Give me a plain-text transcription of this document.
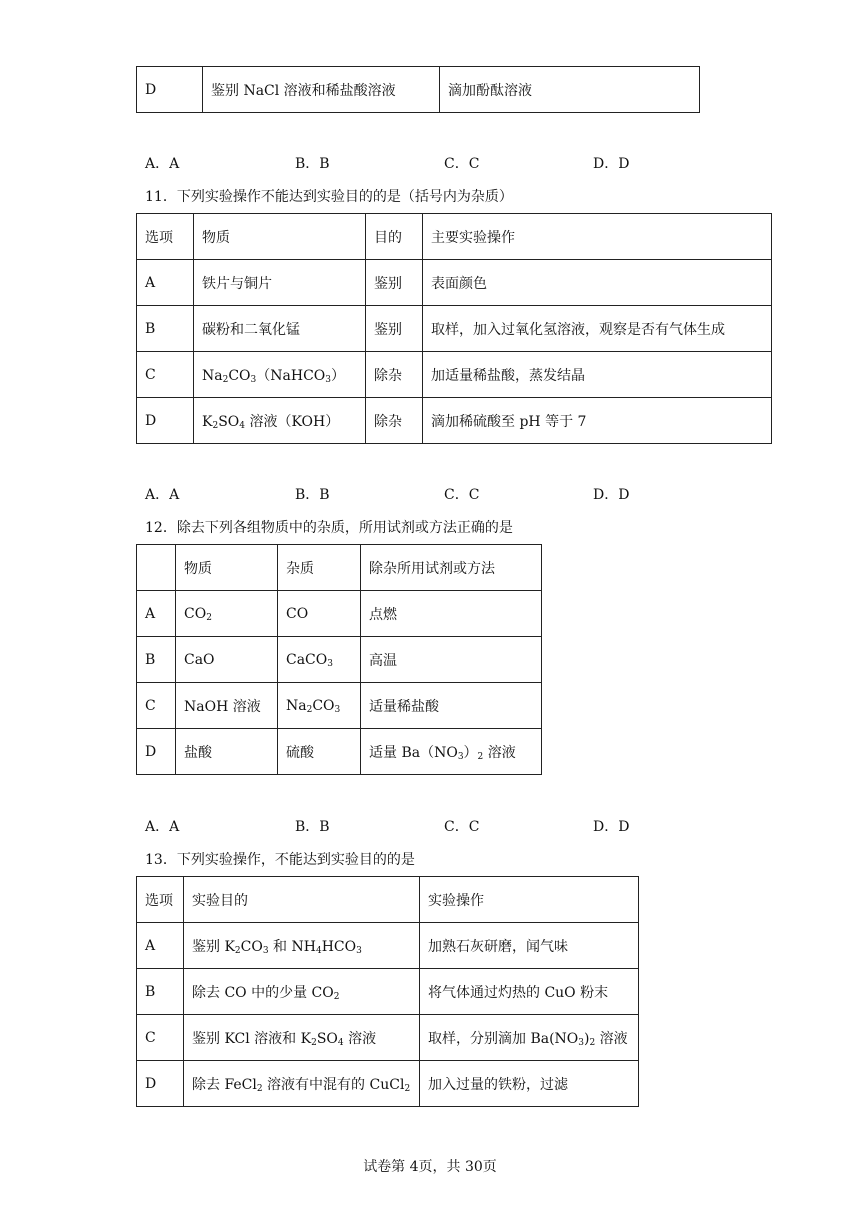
D	鉴别 NaCl 溶液和稀盐酸溶液	滴加酚酞溶液
A．A	B．B	C．C	D．D
11．下列实验操作不能达到实验目的的是（括号内为杂质）
选项	物质	目的	主要实验操作
A	铁片与铜片	鉴别	表面颜色
B	碳粉和二氧化锰	鉴别	取样，加入过氧化氢溶液，观察是否有气体生成
C	$Na_2CO_3(NaHCO_3)$	除杂	加适量稀盐酸，蒸发结晶
D	$K_2SO_4$ 溶液（KOH）	除杂	滴加稀硫酸至 pH 等于 7
A．A	B．B	C．C	D．D
12．除去下列各组物质中的杂质，所用试剂或方法正确的是
	物质	杂质	除杂所用试剂或方法
A	$CO_2$	CO	点燃
B	CaO	CaCO$_3$	高温
C	NaOH 溶液	$Na_2CO_3$	适量稀盐酸
D	盐酸	硫酸	适量 $Ba(NO_3)_2$ 溶液
A．A	B．B	C．C	D．D
13．下列实验操作，不能达到实验目的的是
选项	实验目的	实验操作
A	鉴别 $K_2CO_3$ 和 $NH_4HCO_3$	加熟石灰研磨，闻气味
B	除去 CO 中的少量 $CO_2$	将气体通过灼热的 CuO 粉末
C	鉴别 KCl 溶液和 $K_2SO_4$ 溶液	取样，分别滴加 $Ba(NO_3)_2$ 溶液
D	除去 FeCl$_2$ 溶液有中混有的 CuCl$_2$	加入过量的铁粉，过滤
试卷第 4页，共 30页
